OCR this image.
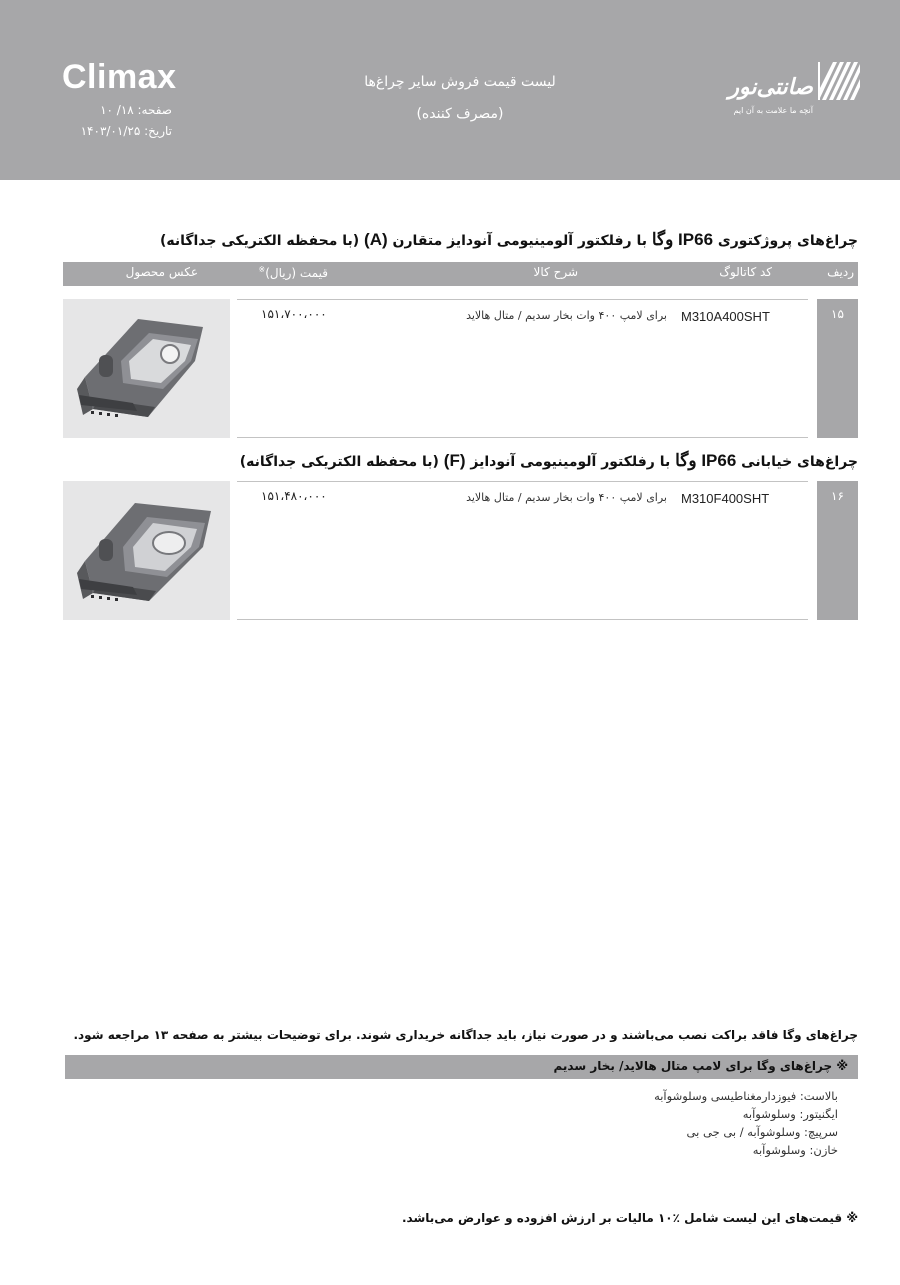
Climax
صفحه: ۱۸/ ۱۰
تاریخ: ۱۴۰۳/۰۱/۲۵
لیست قیمت فروش سایر چراغ‌ها
(مصرف کننده)
صانتی‌نور
آنچه ما علامت به آن ایم
چراغ‌های پروژکتوری IP66 وگا با رفلکتور آلومینیومی آنودایز متقارن (A) (با محفظه الکتریکی جداگانه)
ردیف
کد کاتالوگ
شرح کالا
قیمت (ریال)※
عکس محصول
۱۵
M310A400SHT
برای لامپ ۴۰۰ وات بخار سدیم / متال هالاید
۱۵۱،۷۰۰،۰۰۰
چراغ‌های خیابانی IP66 وگا با رفلکتور آلومینیومی آنودایز (F) (با محفظه الکتریکی جداگانه)
۱۶
M310F400SHT
برای لامپ ۴۰۰ وات بخار سدیم / متال هالاید
۱۵۱،۴۸۰،۰۰۰
چراغ‌های وگا فاقد براکت نصب می‌باشند و در صورت نیاز، باید جداگانه خریداری شوند. برای توضیحات بیشتر به صفحه ۱۳ مراجعه شود.
※ چراغ‌های وگا برای لامپ متال هالاید/ بخار سدیم
بالاست: فیوزدارمغناطیسی وسلوشوآبه
ایگنیتور: وسلوشوآبه
سرپیچ: وسلوشوآبه / بی جی بی
خازن: وسلوشوآبه
※ قیمت‌های این لیست شامل ٪۱۰ مالیات بر ارزش افزوده و عوارض می‌باشد.
